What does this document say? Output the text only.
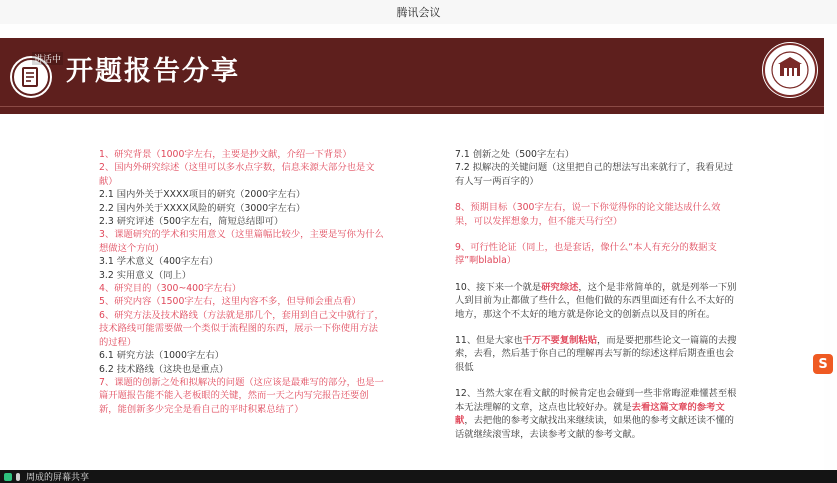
腾讯会议
讲话中 开题报告分享

1、研究背景（1000字左右，主要是抄文献，介绍一下背景）

2、国内外研究综述（这里可以多水点字数，信息来源大部分也是文献）

2.1 国内外关于XXXX项目的研究（2000字左右）

2.2 国内外关于XXXX风险的研究（3000字左右）

2.3 研究评述（500字左右，简短总结即可）

3、课题研究的学术和实用意义（这里篇幅比较少，主要是写你为什么想做这个方向）

3.1 学术意义（400字左右）

3.2 实用意义（同上）

4、研究目的（300~400字左右）

5、研究内容（1500字左右，这里内容不多，但导师会重点看）

6、研究方法及技术路线（方法就是那几个，套用到自己文中就行了，技术路线可能需要做一个类似于流程图的东西，展示一下你使用方法的过程）

6.1 研究方法（1000字左右）

6.2 技术路线（这块也是重点）

7、课题的创新之处和拟解决的问题（这应该是最难写的部分，也是一篇开题报告能不能入老板眼的关键，然而一天之内写完报告还要创新，能创新多少完全是看自己的平时积累总结了）

7.1 创新之处（500字左右）

7.2 拟解决的关键问题（这里把自己的想法写出来就行了，我看见过有人写一两百字的）

8、预期目标（300字左右，说一下你觉得你的论文能达成什么效果，可以发挥想象力，但不能天马行空）

9、可行性论证（同上，也是套话，像什么“本人有充分的数据支撑”啊blabla）

10、接下来一个就是研究综述，这个是非常简单的，就是列举一下别人到目前为止都做了些什么，但他们做的东西里面还有什么不太好的地方，那这个不太好的地方就是你论文的创新点以及目的所在。

11、但是大家也千万不要复制粘贴，而是要把那些论文一篇篇的去搜索，去看，然后基于你自己的理解再去写新的综述这样后期查重也会很低

12、当然大家在看文献的时候肯定也会碰到一些非常晦涩难懂甚至根本无法理解的文章，这点也比较好办。就是去看这篇文章的参考文献，去把他的参考文献找出来继续读，如果他的参考文献还读不懂的话就继续滚雪球，去读参考文献的参考文献。

S
周成的屏幕共享
